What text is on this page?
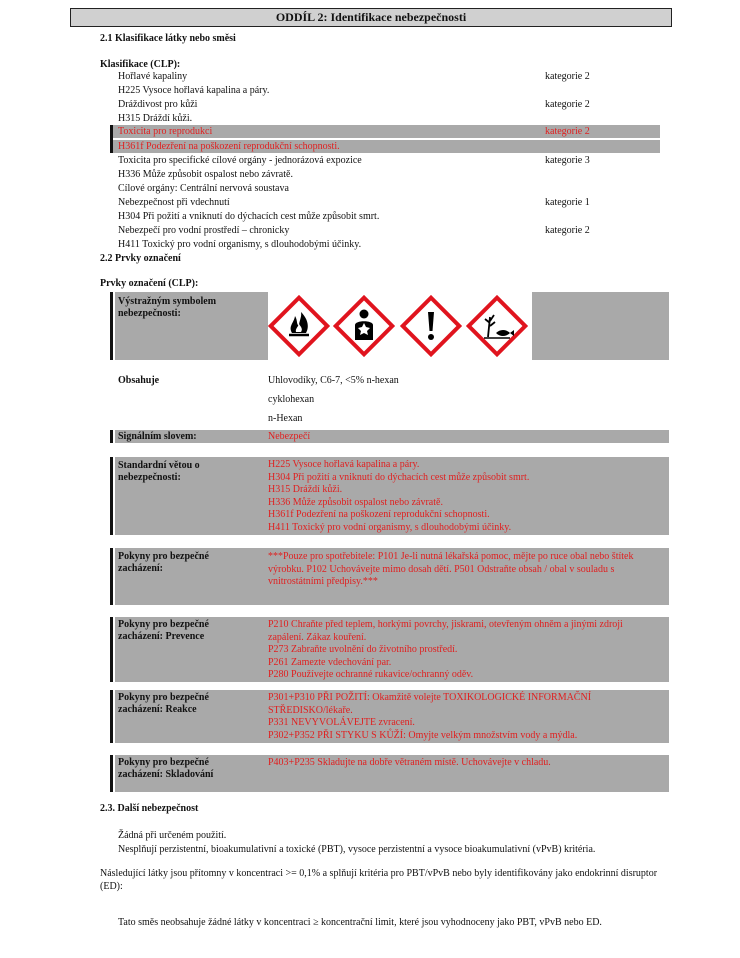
ODDÍL 2: Identifikace nebezpečnosti
2.1 Klasifikace látky nebo směsi
Klasifikace (CLP):
Hořlavé kapaliny	kategorie 2
H225 Vysoce hořlavá kapalina a páry.
Dráždivost pro kůži	kategorie 2
H315 Dráždí kůži.
Toxicita pro reprodukci	kategorie 2
H361f Podezření na poškození reprodukční schopnosti.
Toxicita pro specifické cílové orgány - jednorázová expozice	kategorie 3
H336 Může způsobit ospalost nebo závratě.
Cílové orgány: Centrální nervová soustava
Nebezpečnost při vdechnutí	kategorie 1
H304 Při požití a vniknutí do dýchacích cest může způsobit smrt.
Nebezpečí pro vodní prostředí – chronicky	kategorie 2
H411 Toxický pro vodní organismy, s dlouhodobými účinky.
2.2 Prvky označení
Prvky označení (CLP):
Výstražným symbolem nebezpečnosti:
Obsahuje	Uhlovodíky, C6-7, <5% n-hexan
cyklohexan
n-Hexan
Signálním slovem:	Nebezpečí
Standardní větou o nebezpečnosti:
H225 Vysoce hořlavá kapalina a páry.
H304 Při požití a vniknutí do dýchacích cest může způsobit smrt.
H315 Dráždí kůži.
H336 Může způsobit ospalost nebo závratě.
H361f Podezření na poškození reprodukční schopnosti.
H411 Toxický pro vodní organismy, s dlouhodobými účinky.
Pokyny pro bezpečné zacházení:
***Pouze pro spotřebitele: P101 Je-li nutná lékařská pomoc, mějte po ruce obal nebo štítek výrobku. P102 Uchovávejte mimo dosah dětí. P501 Odstraňte obsah / obal v souladu s vnitrostátními předpisy.***
Pokyny pro bezpečné zacházení: Prevence
P210 Chraňte před teplem, horkými povrchy, jiskrami, otevřeným ohněm a jinými zdroji zapálení. Zákaz kouření.
P273 Zabraňte uvolnění do životního prostředí.
P261 Zamezte vdechování par.
P280 Používejte ochranné rukavice/ochranný oděv.
Pokyny pro bezpečné zacházení: Reakce
P301+P310 PŘI POŽITÍ: Okamžitě volejte TOXIKOLOGICKÉ INFORMAČNÍ STŘEDISKO/lékaře.
P331 NEVYVOLÁVEJTE zvracení.
P302+P352 PŘI STYKU S KŮŽÍ: Omyjte velkým množstvím vody a mýdla.
Pokyny pro bezpečné zacházení: Skladování
P403+P235 Skladujte na dobře větraném místě. Uchovávejte v chladu.
2.3. Další nebezpečnost
Žádná při určeném použití.
Nesplňují perzistentní, bioakumulativní a toxické (PBT), vysoce perzistentní a vysoce bioakumulativní (vPvB) kritéria.
Následující látky jsou přítomny v koncentraci >= 0,1% a splňují kritéria pro PBT/vPvB nebo byly identifikovány jako endokrinní disruptor (ED):
Tato směs neobsahuje žádné látky v koncentraci ≥ koncentrační limit, které jsou vyhodnoceny jako PBT, vPvB nebo ED.
